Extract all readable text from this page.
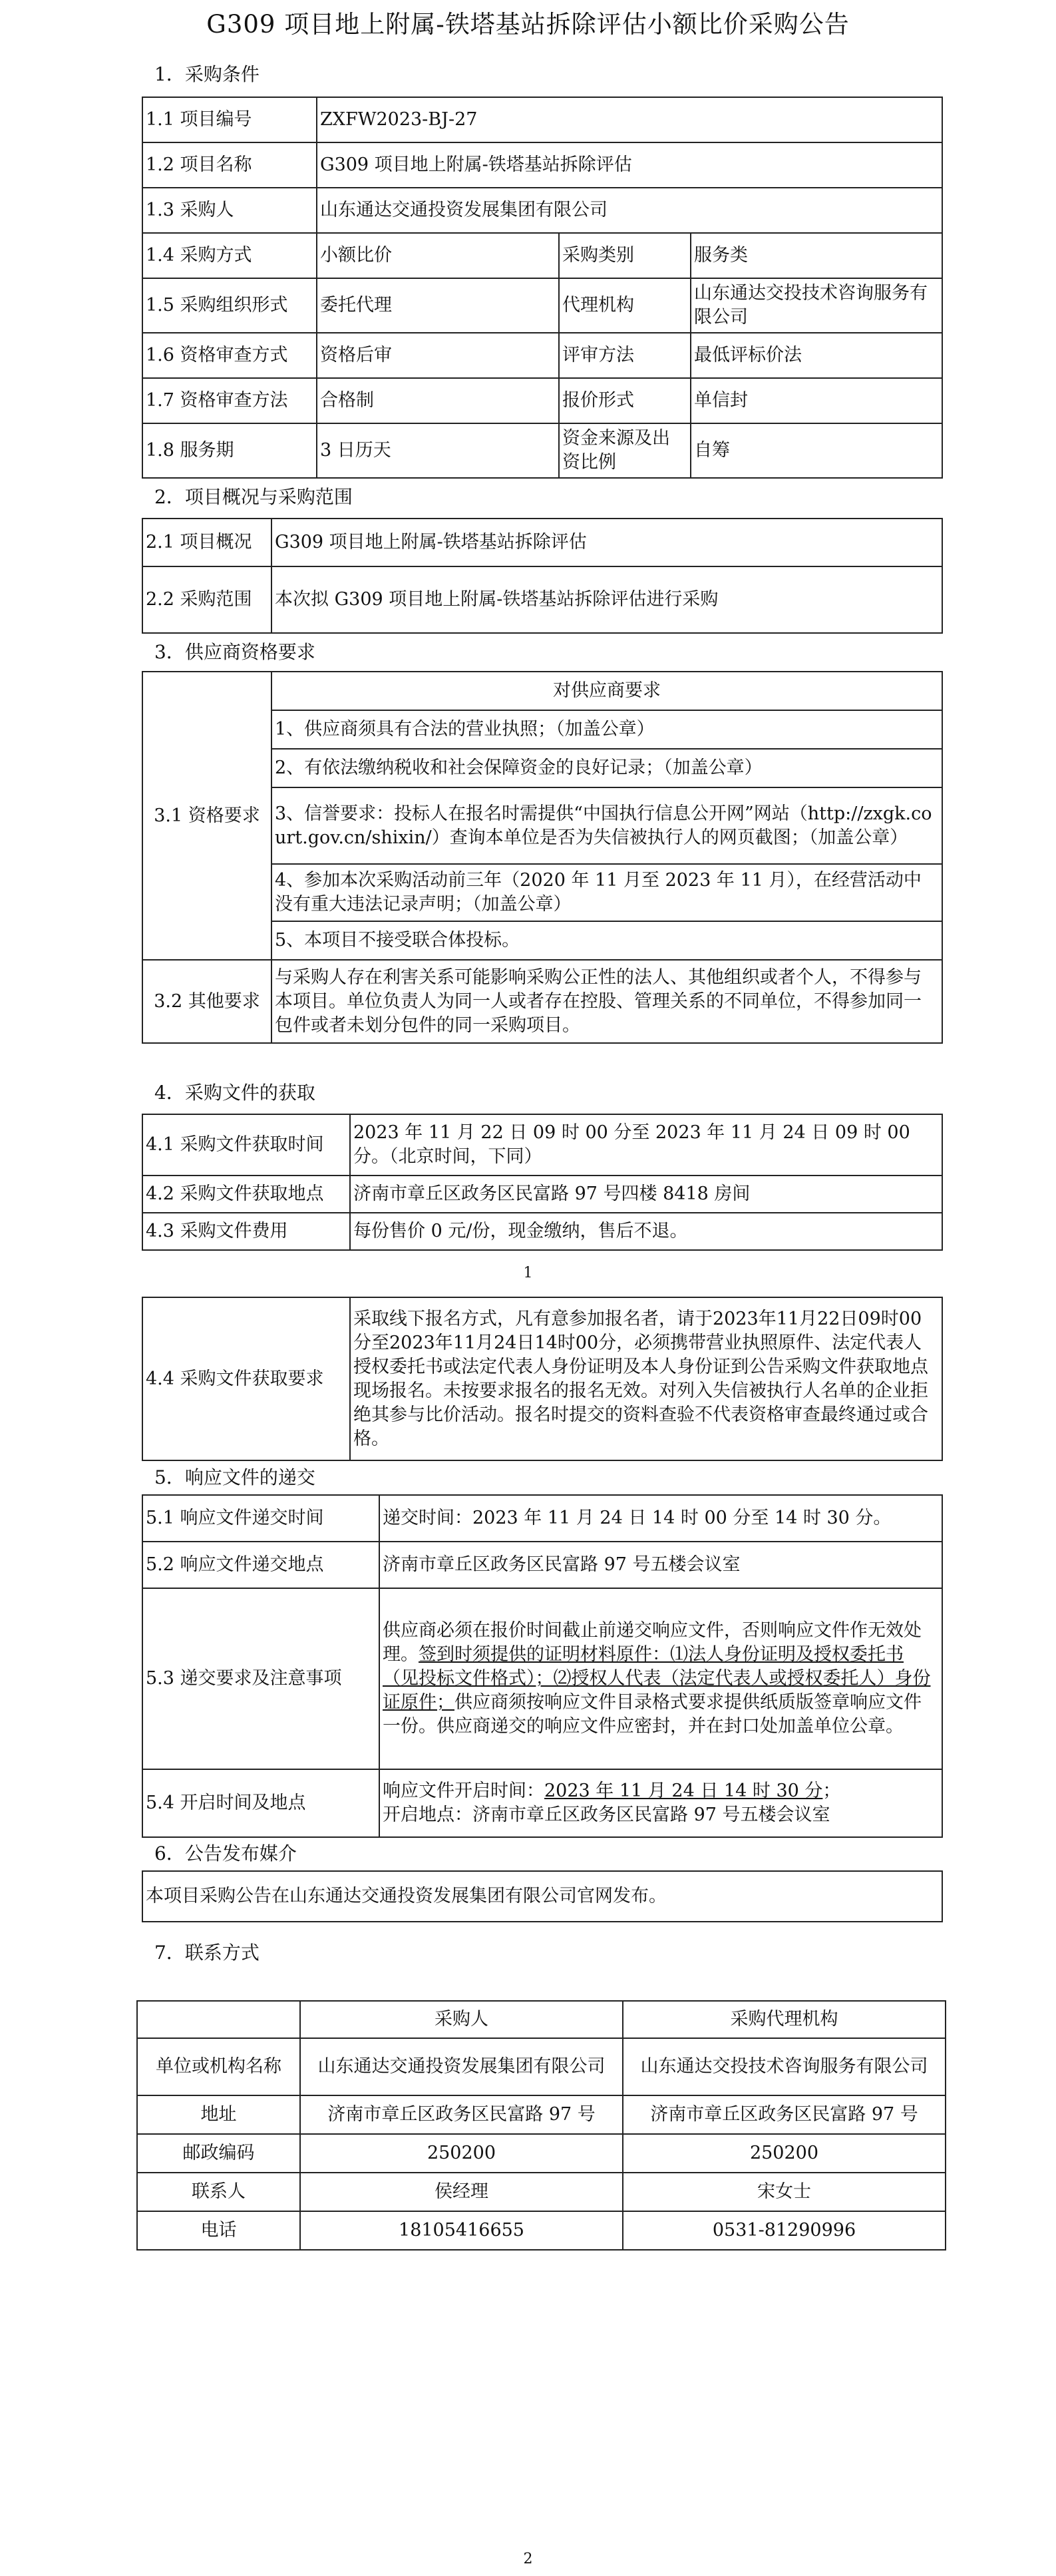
G309 项目地上附属-铁塔基站拆除评估小额比价采购公告
1．采购条件
1.1 项目编号	ZXFW2023-BJ-27		
1.2 项目名称	G309 项目地上附属-铁塔基站拆除评估		
1.3 采购人	山东通达交通投资发展集团有限公司		
1.4 采购方式	小额比价	采购类别	服务类
1.5 采购组织形式	委托代理	代理机构	山东通达交投技术咨询服务有限公司
1.6 资格审查方式	资格后审	评审方法	最低评标价法
1.7 资格审查方法	合格制	报价形式	单信封
1.8 服务期	3 日历天	资金来源及出资比例	自筹
2．项目概况与采购范围
2.1 项目概况	G309 项目地上附属-铁塔基站拆除评估
2.2 采购范围	本次拟 G309 项目地上附属-铁塔基站拆除评估进行采购
3．供应商资格要求
3.1 资格要求	对供应商要求
	1、供应商须具有合法的营业执照；（加盖公章）
	2、有依法缴纳税收和社会保障资金的良好记录；（加盖公章）
	3、信誉要求：投标人在报名时需提供“中国执行信息公开网”网站（http://zxgk.court.gov.cn/shixin/）查询本单位是否为失信被执行人的网页截图；（加盖公章）
	4、参加本次采购活动前三年（2020 年 11 月至 2023 年 11 月），在经营活动中没有重大违法记录声明；（加盖公章）
	5、本项目不接受联合体投标。
3.2 其他要求	与采购人存在利害关系可能影响采购公正性的法人、其他组织或者个人，不得参与本项目。单位负责人为同一人或者存在控股、管理关系的不同单位，不得参加同一包件或者未划分包件的同一采购项目。
4．采购文件的获取
4.1 采购文件获取时间	2023 年 11 月 22 日 09 时 00 分至 2023 年 11 月 24 日 09 时 00 分。（北京时间，下同）
4.2 采购文件获取地点	济南市章丘区政务区民富路 97 号四楼 8418 房间
4.3 采购文件费用	每份售价 0 元/份，现金缴纳，售后不退。
1
4.4 采购文件获取要求	采取线下报名方式，凡有意参加报名者，请于2023年11月22日09时00分至2023年11月24日14时00分，必须携带营业执照原件、法定代表人授权委托书或法定代表人身份证明及本人身份证到公告采购文件获取地点现场报名。未按要求报名的报名无效。对列入失信被执行人名单的企业拒绝其参与比价活动。报名时提交的资料查验不代表资格审查最终通过或合格。
5．响应文件的递交
5.1 响应文件递交时间	递交时间：2023 年 11 月 24 日 14 时 00 分至 14 时 30 分。
5.2 响应文件递交地点	济南市章丘区政务区民富路 97 号五楼会议室
5.3 递交要求及注意事项	供应商必须在报价时间截止前递交响应文件，否则响应文件作无效处理。签到时须提供的证明材料原件：⑴法人身份证明及授权委托书（见投标文件格式）；⑵授权人代表（法定代表人或授权委托人）身份证原件；供应商须按响应文件目录格式要求提供纸质版签章响应文件一份。供应商递交的响应文件应密封，并在封口处加盖单位公章。
5.4 开启时间及地点	响应文件开启时间：2023 年 11 月 24 日 14 时 30 分；
开启地点：济南市章丘区政务区民富路 97 号五楼会议室
6．公告发布媒介
本项目采购公告在山东通达交通投资发展集团有限公司官网发布。
7．联系方式
	采购人	采购代理机构
单位或机构名称	山东通达交通投资发展集团有限公司	山东通达交投技术咨询服务有限公司
地址	济南市章丘区政务区民富路 97 号	济南市章丘区政务区民富路 97 号
邮政编码	250200	250200
联系人	侯经理	宋女士
电话	18105416655	0531-81290996
2
